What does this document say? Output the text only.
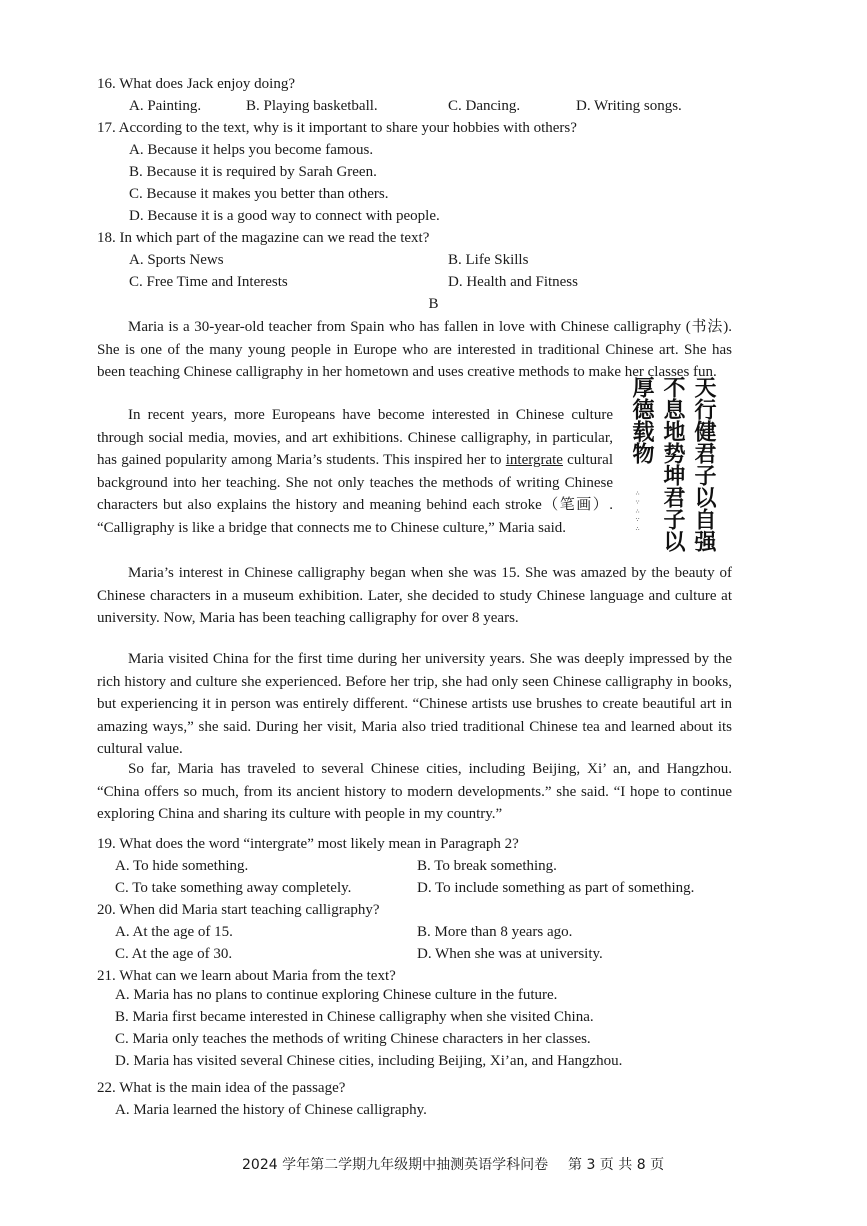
16. What does Jack enjoy doing?
A. Painting.	B. Playing basketball.	C. Dancing.	D. Writing songs.
17. According to the text, why is it important to share your hobbies with others?
A. Because it helps you become famous.
B. Because it is required by Sarah Green.
C. Because it makes you better than others.
D. Because it is a good way to connect with people.
18. In which part of the magazine can we read the text?
A. Sports News	B. Life Skills
C. Free Time and Interests	D. Health and Fitness
B
Maria is a 30-year-old teacher from Spain who has fallen in love with Chinese calligraphy (书法). She is one of the many young people in Europe who are interested in traditional Chinese art. She has been teaching Chinese calligraphy in her hometown and uses creative methods to make her classes fun.
In recent years, more Europeans have become interested in Chinese culture through social media, movies, and art exhibitions. Chinese calligraphy, in particular, has gained popularity among Maria’s students. This inspired her to intergrate cultural background into her teaching. She not only teaches the methods of writing Chinese characters but also explains the history and meaning behind each stroke（笔画）. “Calligraphy is like a bridge that connects me to Chinese culture,” Maria said.	天行健君子以自强
不息地势坤君子以
厚德载物
∴ ∵ ∴ ∵ ∴
Maria’s interest in Chinese calligraphy began when she was 15. She was amazed by the beauty of Chinese characters in a museum exhibition. Later, she decided to study Chinese language and culture at university. Now, Maria has been teaching calligraphy for over 8 years.
Maria visited China for the first time during her university years. She was deeply impressed by the rich history and culture she experienced. Before her trip, she had only seen Chinese calligraphy in books, but experiencing it in person was entirely different. “Chinese artists use brushes to create beautiful art in amazing ways,” she said. During her visit, Maria also tried traditional Chinese tea and learned about its cultural value.
So far, Maria has traveled to several Chinese cities, including Beijing, Xi’ an, and Hangzhou. “China offers so much, from its ancient history to modern developments.” she said. “I hope to continue exploring China and sharing its culture with people in my country.”
19. What does the word “intergrate” most likely mean in Paragraph 2?
A. To hide something.	B. To break something.
C. To take something away completely.	D. To include something as part of something.
20. When did Maria start teaching calligraphy?
A. At the age of 15.	B. More than 8 years ago.
C. At the age of 30.	D. When she was at university.
21. What can we learn about Maria from the text?
A. Maria has no plans to continue exploring Chinese culture in the future.
B. Maria first became interested in Chinese calligraphy when she visited China.
C. Maria only teaches the methods of writing Chinese characters in her classes.
D. Maria has visited several Chinese cities, including Beijing, Xi’an, and Hangzhou.
22. What is the main idea of the passage?
A. Maria learned the history of Chinese calligraphy.
2024 学年第二学期九年级期中抽测英语学科问卷 第 3 页 共 8 页
